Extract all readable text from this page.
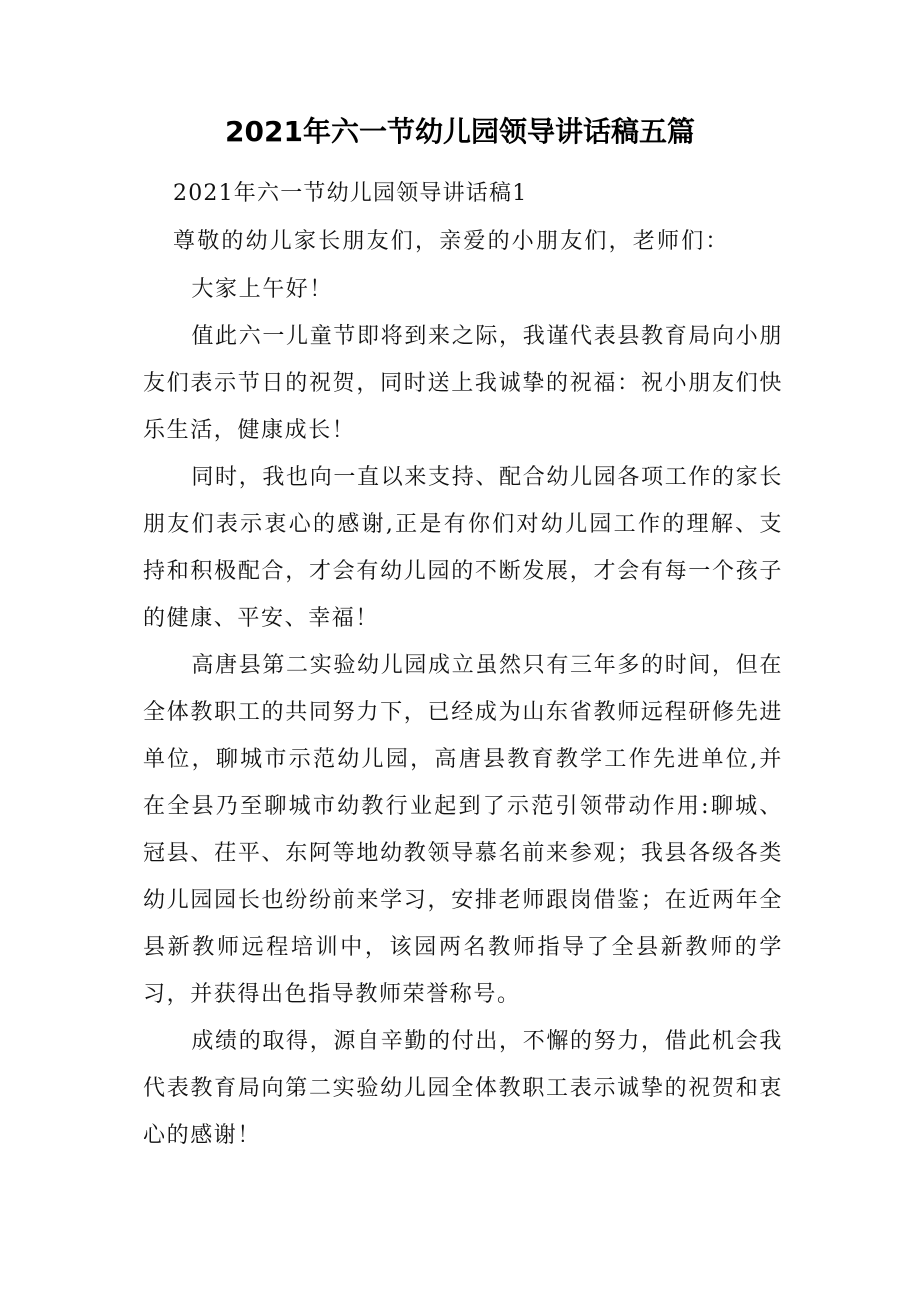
2021年六一节幼儿园领导讲话稿五篇
2021年六一节幼儿园领导讲话稿1
尊敬的幼儿家长朋友们，亲爱的小朋友们，老师们：

大家上午好！

值此六一儿童节即将到来之际，我谨代表县教育局向小朋友们表示节日的祝贺，同时送上我诚挚的祝福：祝小朋友们快乐生活，健康成长！

同时，我也向一直以来支持、配合幼儿园各项工作的家长朋友们表示衷心的感谢,正是有你们对幼儿园工作的理解、支持和积极配合，才会有幼儿园的不断发展，才会有每一个孩子的健康、平安、幸福！

高唐县第二实验幼儿园成立虽然只有三年多的时间，但在全体教职工的共同努力下，已经成为山东省教师远程研修先进单位，聊城市示范幼儿园，高唐县教育教学工作先进单位,并在全县乃至聊城市幼教行业起到了示范引领带动作用:聊城、冠县、茌平、东阿等地幼教领导慕名前来参观；我县各级各类幼儿园园长也纷纷前来学习，安排老师跟岗借鉴；在近两年全县新教师远程培训中，该园两名教师指导了全县新教师的学习，并获得出色指导教师荣誉称号。

成绩的取得，源自辛勤的付出，不懈的努力，借此机会我代表教育局向第二实验幼儿园全体教职工表示诚挚的祝贺和衷心的感谢！
